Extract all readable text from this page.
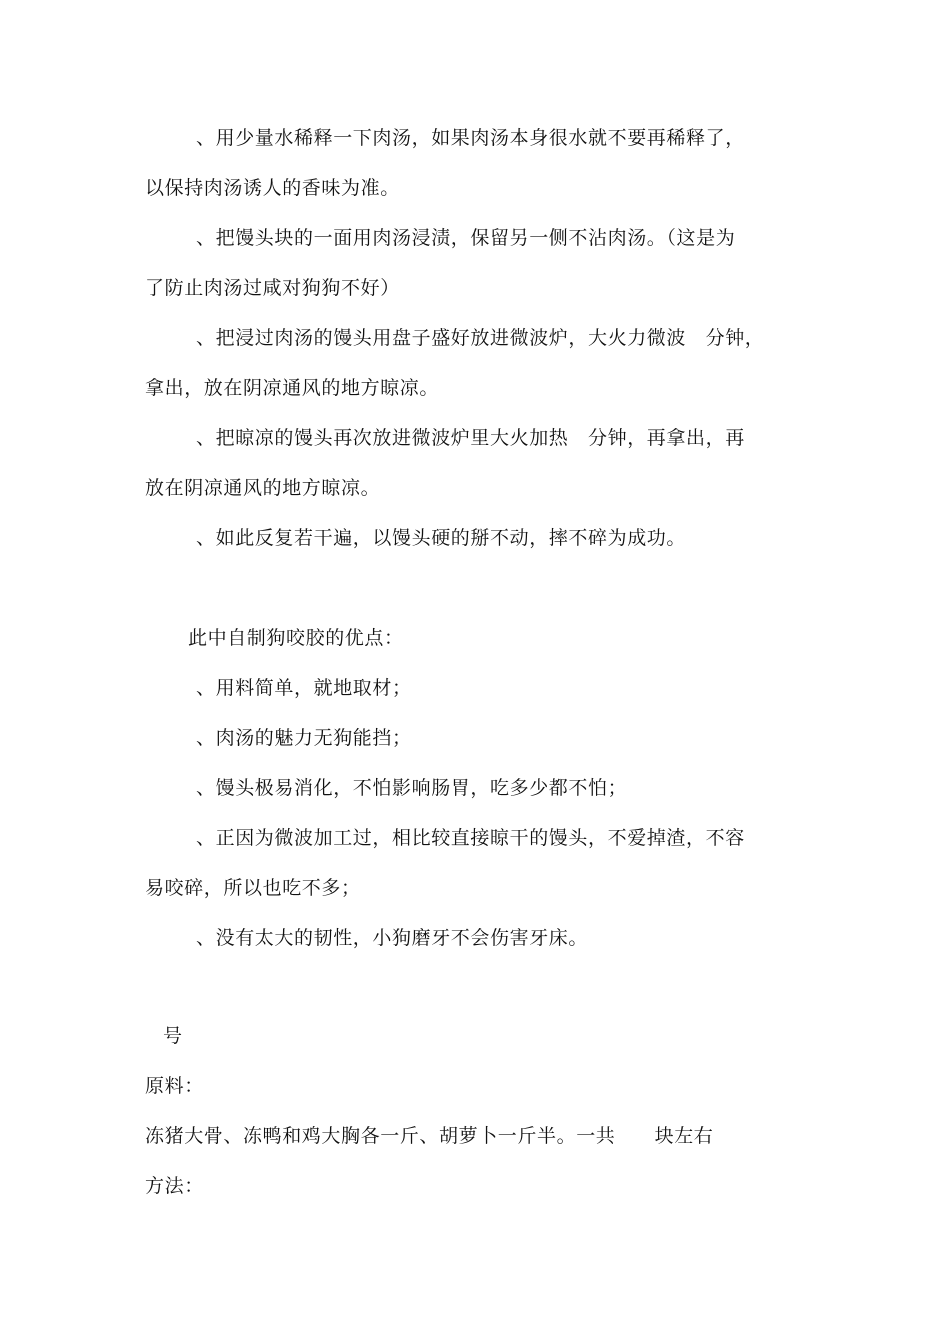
、用少量水稀释一下肉汤，如果肉汤本身很水就不要再稀释了，
以保持肉汤诱人的香味为准。
、把馒头块的一面用肉汤浸渍，保留另一侧不沾肉汤。（这是为
了防止肉汤过咸对狗狗不好）
、把浸过肉汤的馒头用盘子盛好放进微波炉，大火力微波　分钟，
拿出，放在阴凉通风的地方晾凉。
、把晾凉的馒头再次放进微波炉里大火加热　分钟，再拿出，再
放在阴凉通风的地方晾凉。
、如此反复若干遍，以馒头硬的掰不动，摔不碎为成功。
此中自制狗咬胶的优点：
、用料简单，就地取材；
、肉汤的魅力无狗能挡；
、馒头极易消化，不怕影响肠胃，吃多少都不怕；
、正因为微波加工过，相比较直接晾干的馒头，不爱掉渣，不容
易咬碎，所以也吃不多；
、没有太大的韧性，小狗磨牙不会伤害牙床。
号
原料：
冻猪大骨、冻鸭和鸡大胸各一斤、胡萝卜一斤半。一共　　块左右
方法：
